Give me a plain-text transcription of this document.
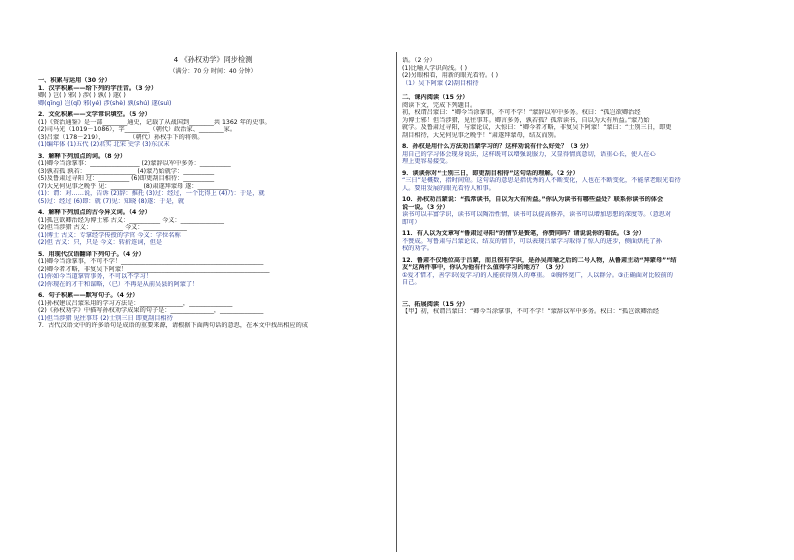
4 《孙权劝学》同步检测
（满分：70 分 时间：40 分钟）
一、积累与运用（30 分）
1．汉字积累——给下列的字注音。（3 分）
卿( ) 岂( ) 邪( ) 涉( ) 孰( ) 遂( )
卿(qīng) 岂(qǐ) 邪(yé) 涉(shè) 孰(shú) 遂(suì)
2．文化积累——文学常识填空。（5 分）
(1)《资治通鉴》是一部________通史，记载了从战国到________共 1362 年的史事。
(2)司马光（1019－1086），字________（朝代）政治家、________家。
(3)吕蒙（178－219），________（朝代）孙权手下的将领。
(1)编年体 (1)五代 (2)君实 北宋 史学 (3)东汉末
3．解释下列加点的词。（8 分）
(1)卿今当涂掌事：________________ (2)蒙辞以军中多务：__________
(3)孰若孤 孰若：________________ (4)蒙乃始就学：__________
(5)及鲁肃过寻阳 过：__________ (6)即更刮目相待：__________
(7)大兄何见事之晚乎 见：__________ (8)肃遂拜蒙母 遂：__________
(1)：谓：对……说，告诉 (2)辞：推托 (3)过：经过，一个比得上 (4)乃：于是，就
(5)过：经过 (6)即：就 (7)见：知晓 (8)遂：于是，就
4．解释下列加点的古今异义词。（4 分）
(1)孤岂欲卿治经为博士邪 古义：__________ 今义：______________
(2)但当涉猎 古义：__________ 今义：______________
(1)博士 古义：专掌经学传授的学官 今义：学位名称
(2)但 古义：只，只是 今义：转折连词，但是
5．用现代汉语翻译下列句子。（4 分）
(1)卿今当涂掌事，不可不学！______________________________________________
(2)卿今者才略，非复吴下阿蒙！______________________________________________
(1)你如今当道掌管事务，不可以不学习！
(2)你现在的才干和谋略，（已）不再是从前吴县的阿蒙了！
6．句子积累——默写句子。（4 分）
(1)孙权建议吕蒙采用的学习方法是：______________，______________
(2)《孙权劝学》中描写孙权劝学成果的句子是：______________，______________
(1)但当涉猎 见往事耳 (2)士别三日 即更刮目相待
7．古代汉语文中的许多语句是成语的重要来源，请根据下面两句话的意思，在本文中找出相应的成
语。（2 分）
(1)比喻人学识尚浅。( )
(2)另眼相看，用新的眼光看待。( )
（1）吴下阿蒙 (2)刮目相待
二、课内阅读（15 分）
阅读下文，完成下列题目。
初，权谓吕蒙曰：“卿今当涂掌事，不可不学！”蒙辞以军中多务。权曰：“孤岂欲卿治经
为博士邪！但当涉猎，见往事耳。卿言多务，孰若孤？孤常读书，自以为大有所益。”蒙乃始
就学。及鲁肃过寻阳，与蒙论议，大惊曰：“卿今者才略，非复吴下阿蒙！”蒙曰：“士别三日，即更
刮目相待，大兄何见事之晚乎！”肃遂拜蒙母，结友而别。
8．孙权是用什么方法劝吕蒙学习的？这样劝说有什么好处？（3 分）
用自己的学习体会现身说法，这样既可以增强说服力，又显得情真意切，语重心长，使人在心
理上更容易接受。
9．谈谈你对“士别三日，即更刮目相待”这句话的理解。（2 分）
“三日”是概数，指时间短。这句话的意思是指优秀的人不断变化，人也在不断变化，不能拿老眼光看待
人。要用发展的眼光看待人和事。
10．孙权劝吕蒙说：“孤常读书，自以为大有所益。”你认为读书有哪些益处？联系你读书的体会
说一说。（3 分）
读书可以丰富学识，读书可以陶冶性情，读书可以提高修养，读书可以增加思想的深度等。（意思对
即可）
11．有人以为文章写“鲁肃过寻阳”的情节是赘笔，你赞同吗？请说说你的看法。（3 分）
不赞成。写鲁肃与吕蒙论议、结友的情节，可以表现吕蒙学习取得了惊人的进步，侧面烘托了孙
权的劝学。
12．鲁肃不仅地位高于吕蒙，而且很有学识，是孙吴周瑜之后的二号人物，从鲁肃主动“拜蒙母”“结
友”这两件事中，你认为他有什么值得学习的地方？（3 分）
①爱才惜才，善学识(爱学习)的人能获得别人的尊重。 ②胸怀宽广，人以群分。③正确面对比较前的
自己。
三、拓展阅读（15 分）
【甲】初，权谓吕蒙曰：“卿今当涂掌事，不可不学！”蒙辞以军中多务。权曰：“孤岂欲卿治经
